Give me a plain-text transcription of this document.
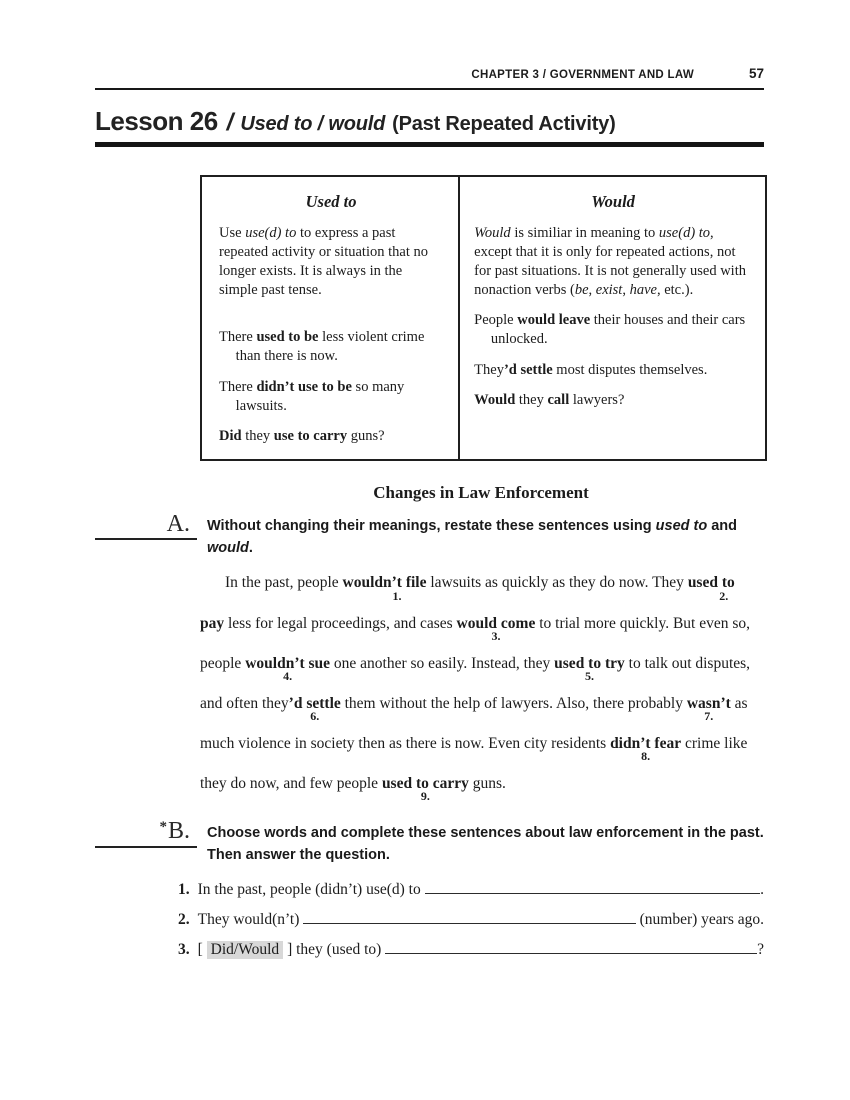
CHAPTER 3 / GOVERNMENT AND LAW	57
Lesson 26 / Used to / would (Past Repeated Activity)
Used to
Use use(d) to to express a past repeated activity or situation that no longer exists. It is always in the simple past tense.
There used to be less violent crime than there is now.
There didn’t use to be so many lawsuits.
Did they use to carry guns?
Would
Would is similiar in meaning to use(d) to, except that it is only for repeated actions, not for past situations. It is not generally used with nonaction verbs (be, exist, have, etc.).
People would leave their houses and their cars unlocked.
They’d settle most disputes themselves.
Would they call lawyers?
Changes in Law Enforcement
A.	Without changing their meanings, restate these sentences using used to and would.
In the past, people wouldn’t file
1.
lawsuits as quickly as they do now. They used to
2.
pay less for legal proceedings, and cases would come
3.
to trial more quickly. But even so,
people wouldn’t sue
4.
one another so easily. Instead, they used to try
5.
to talk out disputes,
and often they’d settle
6.
them without the help of lawyers. Also, there probably wasn’t
7.
as
much violence in society then as there is now. Even city residents didn’t fear
8.
crime like
they do now, and few people used to carry
9.
guns.
*B.	Choose words and complete these sentences about law enforcement in the past.
Then answer the question.
1. In the past, people (didn’t) use(d) to	.
2. They would(n’t)	(number) years ago.
3. [ Did/Would ] they (used to)	?
